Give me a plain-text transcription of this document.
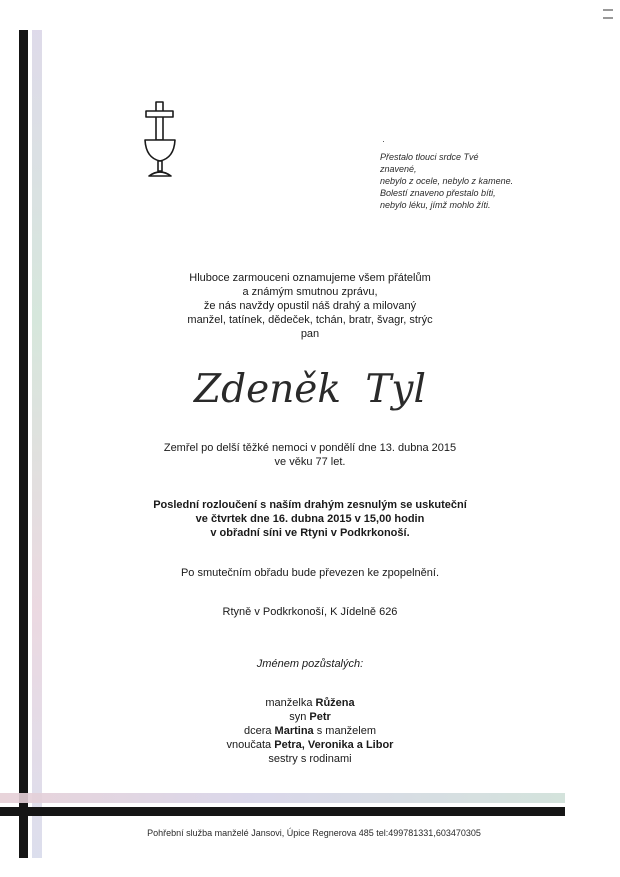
·
Přestalo tlouci srdce Tvé
znavené,
nebylo z ocele, nebylo z kamene.
Bolestí znaveno přestalo bíti,
nebylo léku, jímž mohlo žíti.
Hluboce zarmouceni oznamujeme všem přátelům
a známým smutnou zprávu,
že nás navždy opustil náš drahý a milovaný
manžel, tatínek, dědeček, tchán, bratr, švagr, strýc
pan
Zdeněk Tyl
Zemřel po delší těžké nemoci v pondělí dne 13. dubna 2015
ve věku 77 let.
Poslední rozloučení s naším drahým zesnulým se uskuteční
ve čtvrtek dne 16. dubna 2015 v 15,00 hodin
v obřadní síni ve Rtyni v Podkrkonoší.
Po smutečním obřadu bude převezen ke zpopelnění.
Rtyně v Podkrkonoší, K Jídelně 626
Jménem pozůstalých:
manželka Růžena
syn Petr
dcera Martina s manželem
vnoučata Petra, Veronika a Libor
sestry s rodinami
Pohřební služba manželé Jansovi, Úpice Regnerova 485 tel:499781331,603470305
